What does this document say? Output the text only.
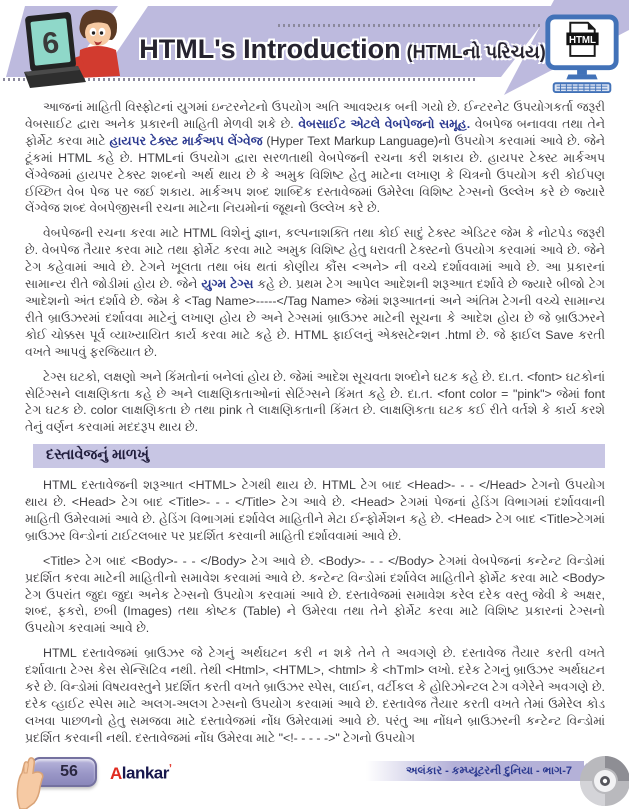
6	HTML's Introduction (HTMLનો પરિચય)
HTML

આજનાં માહિતી વિસ્ફોટનાં યુગમાં ઇન્ટરનેટનો ઉપયોગ અતિ આવશ્યક બની ગયો છે. ઈન્ટરનેટ ઉપયોગકર્તા જરૂરી વેબસાઈટ દ્વારા અનેક પ્રકારની માહિતી મેળવી શકે છે. વેબસાઈટ એટલે વેબપેજનો સમૂહ. વેબપેજ બનાવવા તથા તેને ફોર્મેટ કરવા માટે હાયપર ટેક્સ્ટ માર્કઅપ લેંગ્વેજ (Hyper Text Markup Language)નો ઉપયોગ કરવામાં આવે છે. જેને ટૂંકમાં HTML કહે છે. HTMLનાં ઉપયોગ દ્વારા સરળતાથી વેબપેજની રચના કરી શકાય છે. હાયપર ટેક્સ્ટ માર્કઅપ લેંગ્વેજમાં હાયપર ટેક્સ્ટ શબ્દનો અર્થ થાય છે કે અમુક વિશિષ્ટ હેતુ માટેના લખાણ કે ચિત્રનો ઉપયોગ કરી કોઈપણ ઈચ્છિત વેબ પેજ પર જઈ શકાય. માર્કઅપ શબ્દ શાબ્દિક દસ્તાવેજમાં ઉમેરેલા વિશિષ્ટ ટેગ્સનો ઉલ્લેખ કરે છે જ્યારે લેંગ્વેજ શબ્દ વેબપેજીસની રચના માટેના નિયમોનાં જૂથનો ઉલ્લેખ કરે છે.

વેબપેજની રચના કરવા માટે HTML વિશેનું જ્ઞાન, કલ્પનાશક્તિ તથા કોઈ સાદું ટેક્સ્ટ એડિટર જેમ કે નોટપેડ જરૂરી છે. વેબપેજ તૈયાર કરવા માટે તથા ફોર્મેટ કરવા માટે અમુક વિશિષ્ટ હેતુ ધરાવતી ટેક્સ્ટનો ઉપયોગ કરવામાં આવે છે. જેને ટેગ કહેવામાં આવે છે. ટેગને ખૂલતા તથા બંધ થતાં કોણીય કૌંસ <અને> ની વચ્ચે દર્શાવવામાં આવે છે. આ પ્રકારનાં સામાન્ય રીતે જોડીમાં હોય છે. જેને યુગ્મ ટેગ્સ કહે છે. પ્રથમ ટેગ આપેલ આદેશની શરૂઆત દર્શાવે છે જ્યારે બીજો ટેગ આદેશનો અંત દર્શાવે છે. જેમ કે <Tag Name>-----</Tag Name> જેમાં શરૂઆતનાં અને અંતિમ ટેગની વચ્ચે સામાન્ય રીતે બ્રાઉઝરમાં દર્શાવવા માટેનું લખાણ હોય છે અને ટેગ્સમાં બ્રાઉઝર માટેની સૂચના કે આદેશ હોય છે જે બ્રાઉઝરને કોઈ ચોક્કસ પૂર્વ વ્યાખ્યાયિત કાર્ય કરવા માટે કહે છે. HTML ફાઈલનું એક્સટેન્શન .html છે. જે ફાઈલ Save કરતી વખતે આપવું ફરજિયાત છે.

ટેગ્સ ઘટકો, લક્ષણો અને કિંમતોનાં બનેલાં હોય છે. જેમાં આદેશ સૂચવતા શબ્દોને ઘટક કહે છે. દા.ત. <font> ઘટકોનાં સેટિંગ્સને લાક્ષણિકતા કહે છે અને લાક્ષણિકતાઓનાં સેટિંગ્સને કિંમત કહે છે. દા.ત. <font color = "pink"> જેમાં font ટેગ ઘટક છે. color લાક્ષણિકતા છે તથા pink તે લાક્ષણિકતાની કિંમત છે. લાક્ષણિકતા ઘટક કઈ રીતે વર્તશે કે કાર્ય કરશે તેનું વર્ણન કરવામાં મદદરૂપ થાય છે.

દસ્તાવેજનું માળખું

HTML દસ્તાવેજની શરૂઆત <HTML> ટેગથી થાય છે. HTML ટેગ બાદ <Head>- - - </Head> ટેગનો ઉપયોગ થાય છે. <Head> ટેગ બાદ <Title>- - - </Title> ટેગ આવે છે. <Head> ટેગમાં પેજનાં હેડિંગ વિભાગમાં દર્શાવવાની માહિતી ઉમેરવામાં આવે છે. હેડિંગ વિભાગમાં દર્શાવેલ માહિતીને મેટા ઈન્ફોર્મેશન કહે છે. <Head> ટેગ બાદ <Title>ટેગમાં બ્રાઉઝર વિન્ડોનાં ટાઈટલબાર પર પ્રદર્શિત કરવાની માહિતી દર્શાવવામાં આવે છે.

<Title> ટેગ બાદ <Body>- - - </Body> ટેગ આવે છે. <Body>- - - </Body> ટેગમાં વેબપેજનાં કન્ટેન્ટ વિન્ડોમાં પ્રદર્શિત કરવા માટેની માહિતીનો સમાવેશ કરવામાં આવે છે. કન્ટેન્ટ વિન્ડોમાં દર્શાવેલ માહિતીને ફોર્મેટ કરવા માટે <Body> ટેગ ઉપરાંત જુદા જુદા અનેક ટેગ્સનો ઉપયોગ કરવામાં આવે છે. દસ્તાવેજમાં સમાવેશ કરેલ દરેક વસ્તુ જેવી કે અક્ષર, શબ્દ, ફકરો, છબી (Images) તથા કોષ્ટક (Table) ને ઉમેરવા તથા તેને ફોર્મેટ કરવા માટે વિશિષ્ટ પ્રકારનાં ટેગ્સનો ઉપયોગ કરવામાં આવે છે.

HTML દસ્તાવેજમાં બ્રાઉઝર જે ટેગનું અર્થઘટન કરી ન શકે તેને તે અવગણે છે. દસ્તાવેજ તૈયાર કરતી વખતે દર્શાવાતા ટેગ્સ કેસ સેન્સિટિવ નથી. તેથી <Html>, <HTML>, <html> કે <hTml> લખો. દરેક ટેગનું બ્રાઉઝર અર્થઘટન કરે છે. વિન્ડોમાં વિષયવસ્તુને પ્રદર્શિત કરતી વખતે બ્રાઉઝર સ્પેસ, લાઈન, વર્ટીકલ કે હોરિઝોન્ટલ ટેગ વગેરેને અવગણે છે. દરેક વ્હાઈટ સ્પેસ માટે અલગ-અલગ ટેગ્સનો ઉપયોગ કરવામાં આવે છે. દસ્તાવેજ તૈયાર કરતી વખતે તેમાં ઉમેરેલ કોડ લખવા પાછળનો હેતુ સમજવા માટે દસ્તાવેજમાં નોંધ ઉમેરવામાં આવે છે. પરંતુ આ નોંધને બ્રાઉઝરની કન્ટેન્ટ વિન્ડોમાં પ્રદર્શિત કરવાની નથી. દસ્તાવેજમાં નોંધ ઉમેરવા માટે "<!- - - - ->" ટેગનો ઉપયોગ

56 Alankar$^ʼ$	અલંકાર - કમ્પ્યૂટરની દુનિયા - ભાગ-7
